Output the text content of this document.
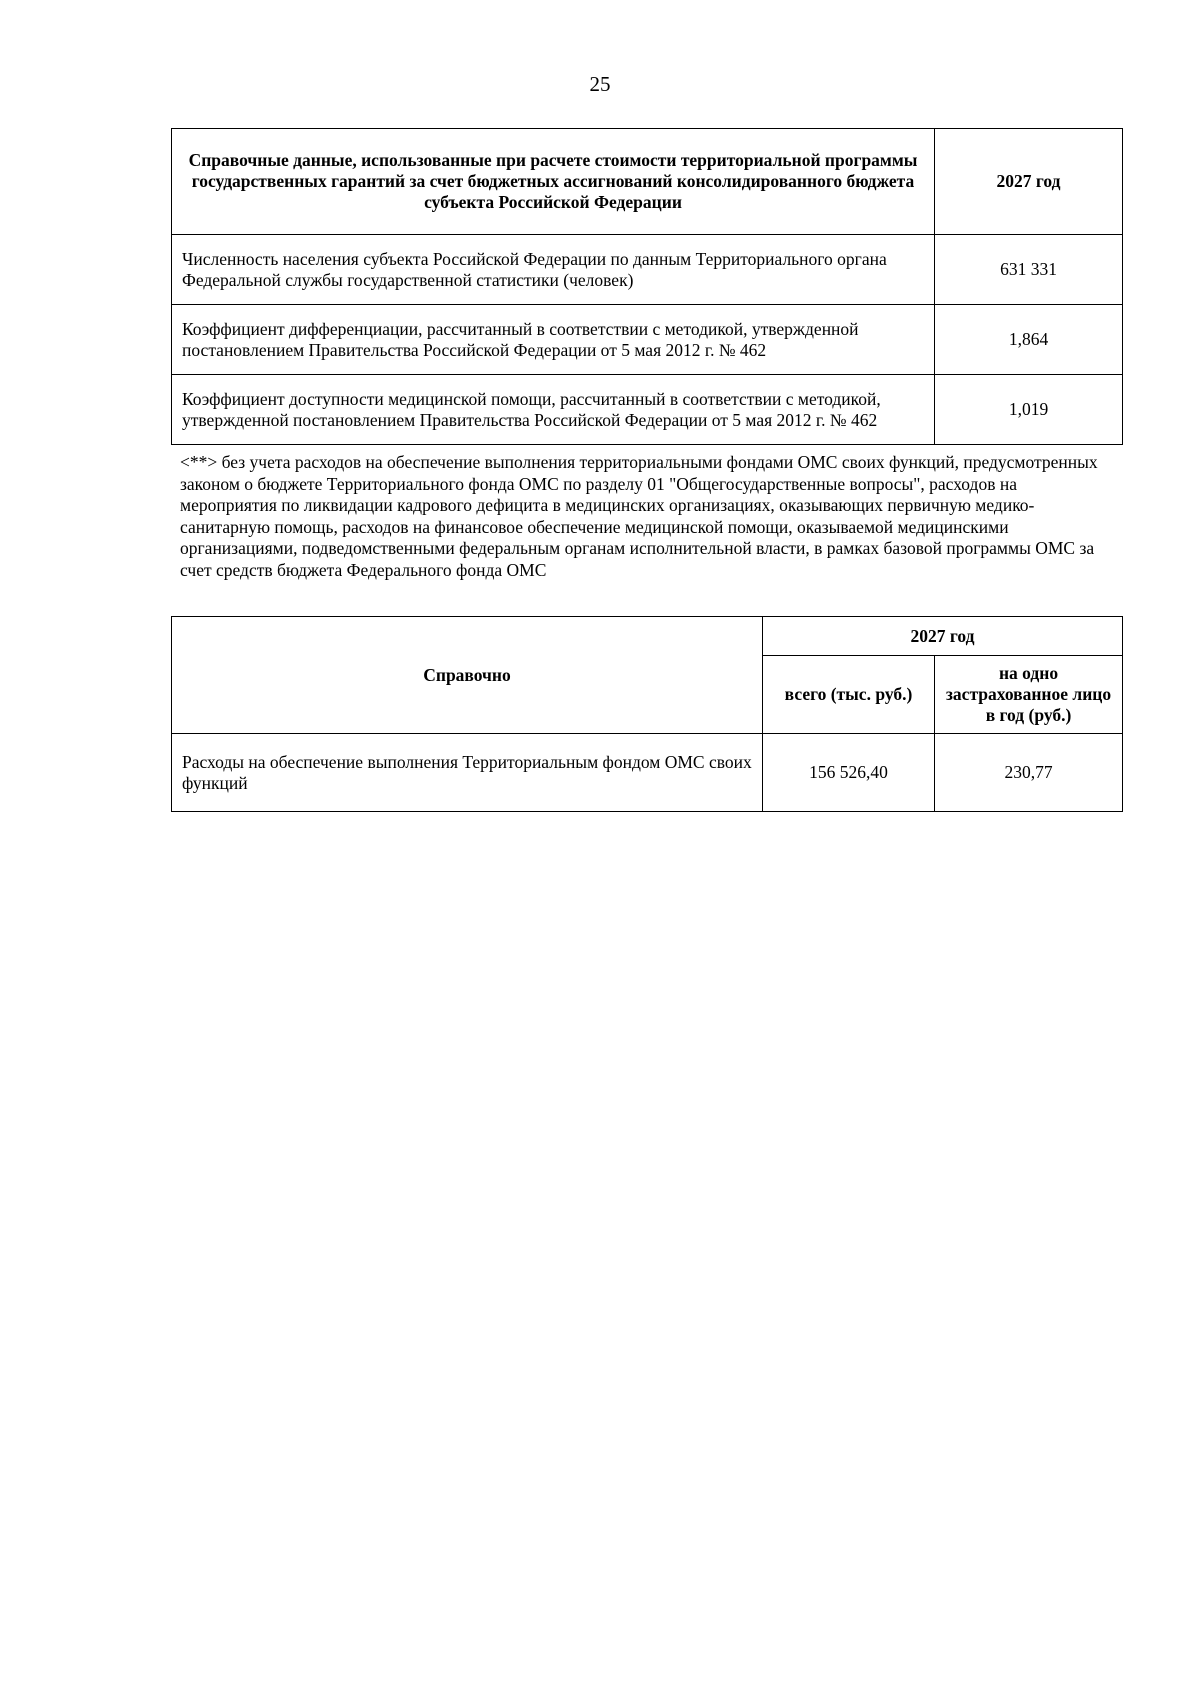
25
Справочные данные, использованные при расчете стоимости территориальной программы государственных гарантий за счет бюджетных ассигнований консолидированного бюджета субъекта Российской Федерации	2027 год
Численность населения субъекта Российской Федерации по данным Территориального органа Федеральной службы государственной статистики (человек)	631 331
Коэффициент дифференциации, рассчитанный в соответствии с методикой, утвержденной постановлением Правительства Российской Федерации от 5 мая 2012 г. № 462	1,864
Коэффициент доступности медицинской помощи, рассчитанный в соответствии с методикой, утвержденной постановлением Правительства Российской Федерации от 5 мая 2012 г. № 462	1,019
<**> без учета расходов на обеспечение выполнения территориальными фондами ОМС своих функций, предусмотренных законом о бюджете Территориального фонда ОМС по разделу 01 "Общегосударственные вопросы", расходов на мероприятия по ликвидации кадрового дефицита в медицинских организациях, оказывающих первичную медико-санитарную помощь, расходов на финансовое обеспечение медицинской помощи, оказываемой медицинскими организациями, подведомственными федеральным органам исполнительной власти, в рамках базовой программы ОМС за счет средств бюджета Федерального фонда ОМС
Справочно	2027 год	
	всего (тыс. руб.)	на одно застрахованное лицо в год (руб.)
Расходы на обеспечение выполнения Территориальным фондом ОМС своих функций	156 526,40	230,77
